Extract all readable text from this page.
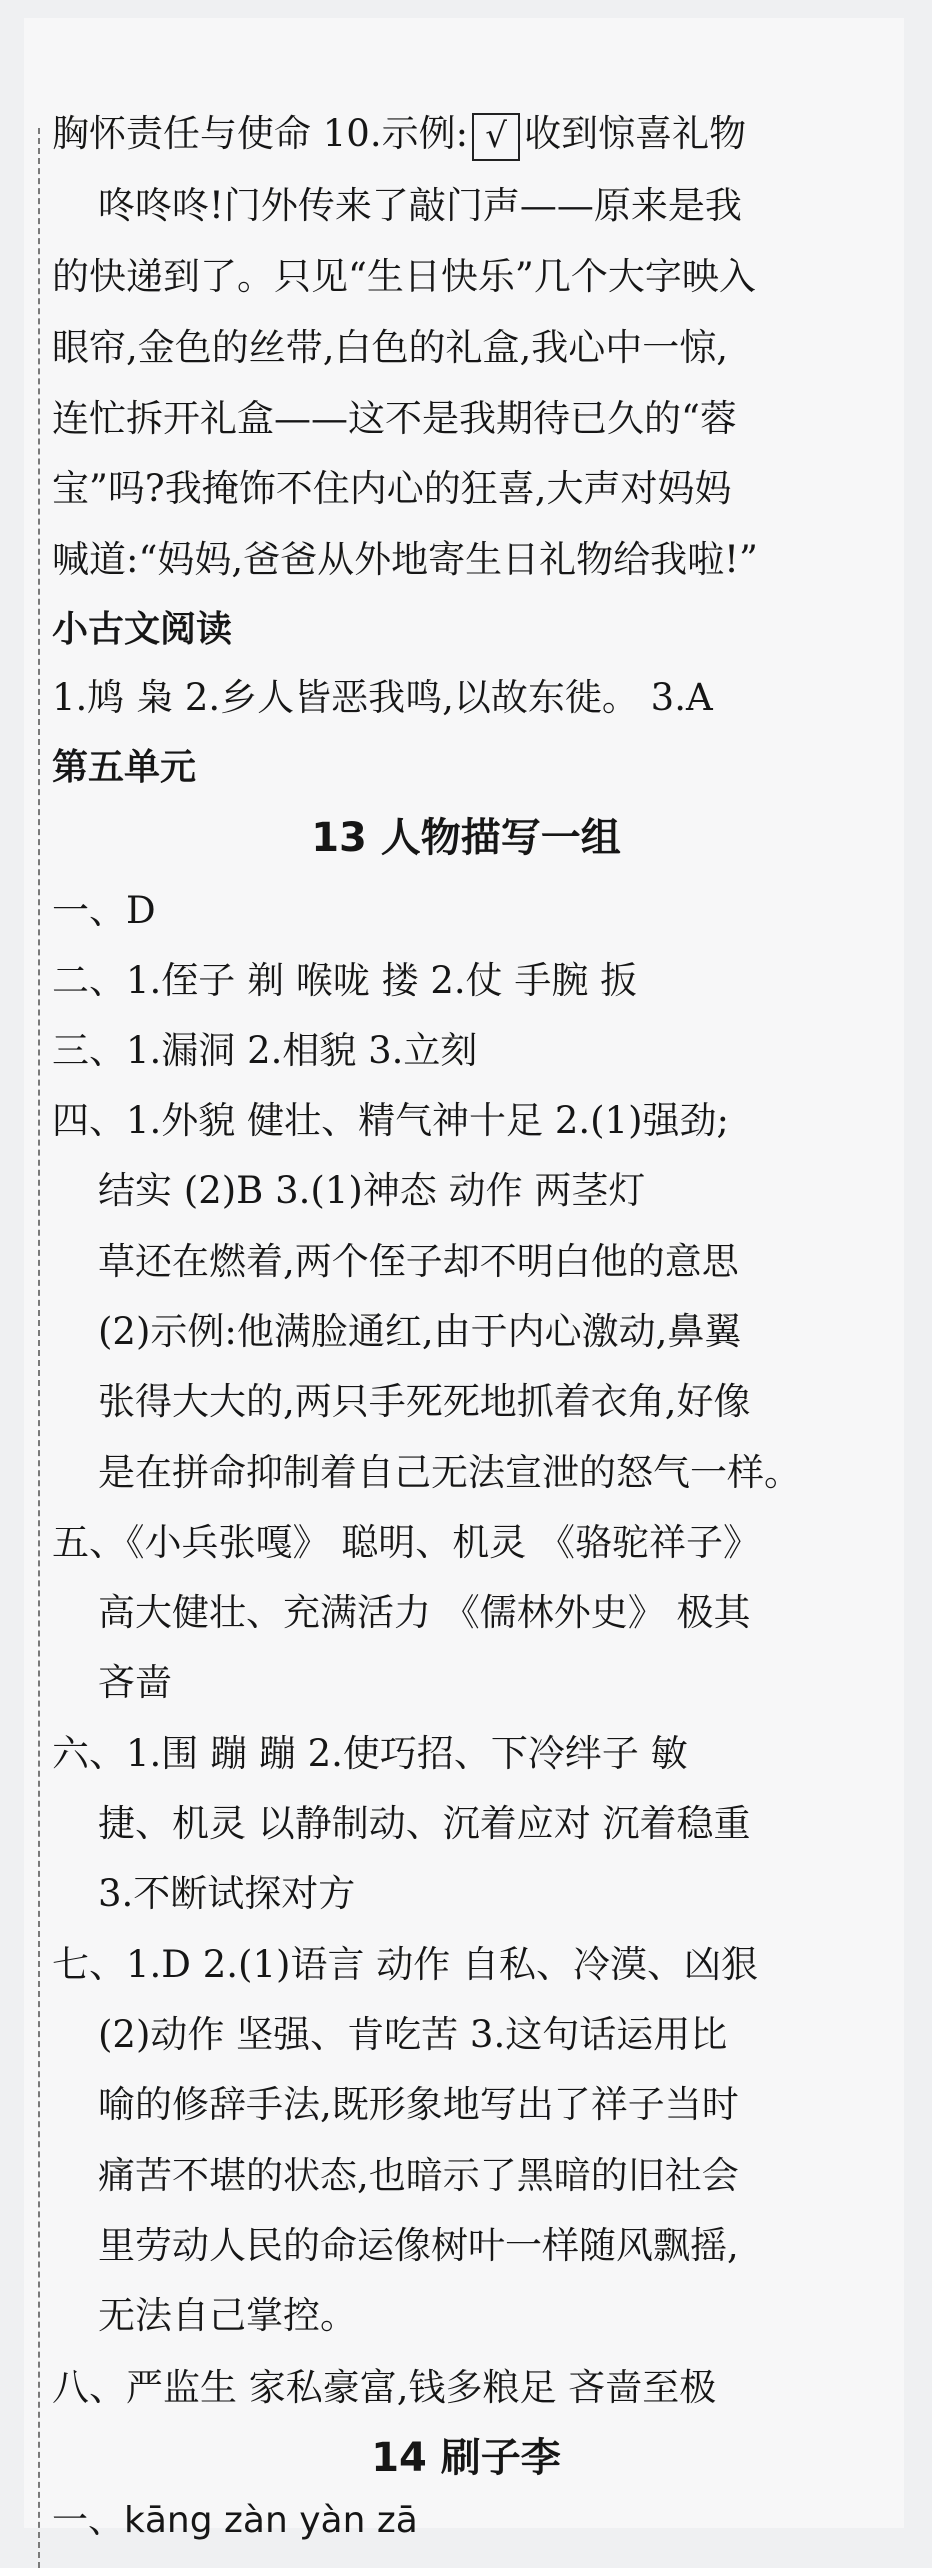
胸怀责任与使命 10.示例: √ 收到惊喜礼物
咚咚咚!门外传来了敲门声——原来是我
的快递到了。只见“生日快乐”几个大字映入
眼帘,金色的丝带,白色的礼盒,我心中一惊,
连忙拆开礼盒——这不是我期待已久的“蓉
宝”吗?我掩饰不住内心的狂喜,大声对妈妈
喊道:“妈妈,爸爸从外地寄生日礼物给我啦!”
小古文阅读
1.鸠 枭 2.乡人皆恶我鸣,以故东徙。 3.A
第五单元
13 人物描写一组
一、D
二、1.侄子 剃 喉咙 搂 2.仗 手腕 扳
三、1.漏洞 2.相貌 3.立刻
四、1.外貌 健壮、精气神十足 2.(1)强劲;
结实 (2)B 3.(1)神态 动作 两茎灯
草还在燃着,两个侄子却不明白他的意思
(2)示例:他满脸通红,由于内心激动,鼻翼
张得大大的,两只手死死地抓着衣角,好像
是在拼命抑制着自己无法宣泄的怒气一样。
五、《小兵张嘎》 聪明、机灵 《骆驼祥子》
高大健壮、充满活力 《儒林外史》 极其
吝啬
六、1.围 蹦 蹦 2.使巧招、下冷绊子 敏
捷、机灵 以静制动、沉着应对 沉着稳重
3.不断试探对方
七、1.D 2.(1)语言 动作 自私、冷漠、凶狠
(2)动作 坚强、肯吃苦 3.这句话运用比
喻的修辞手法,既形象地写出了祥子当时
痛苦不堪的状态,也暗示了黑暗的旧社会
里劳动人民的命运像树叶一样随风飘摇,
无法自己掌控。
八、严监生 家私豪富,钱多粮足 吝啬至极
14 刷子李
一、kāng zàn yàn zā
